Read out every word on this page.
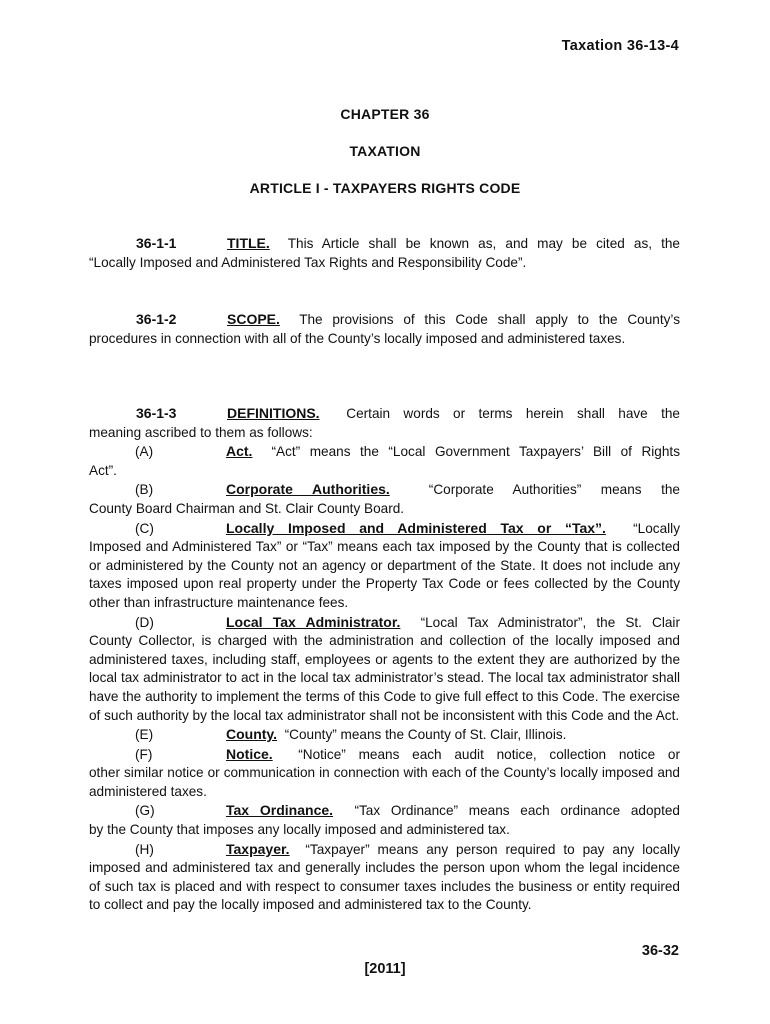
Taxation 36-13-4
CHAPTER 36
TAXATION
ARTICLE I - TAXPAYERS RIGHTS CODE

36-1-1	TITLE. This Article shall be known as, and may be cited as, the

“Locally Imposed and Administered Tax Rights and Responsibility Code”.

36-1-2	SCOPE. The provisions of this Code shall apply to the County’s

procedures in connection with all of the County’s locally imposed and administered taxes.

36-1-3	DEFINITIONS. Certain words or terms herein shall have the

meaning ascribed to them as follows:

(A)	Act. “Act” means the “Local Government Taxpayers’ Bill of Rights

Act”.

(B)	Corporate Authorities.	“Corporate Authorities” means the

County Board Chairman and St. Clair County Board.

(C)	Locally Imposed and Administered Tax or “Tax”. “Locally

Imposed and Administered Tax” or “Tax” means each tax imposed by the County that is collected or administered by the County not an agency or department of the State. It does not include any taxes imposed upon real property under the Property Tax Code or fees collected by the County other than infrastructure maintenance fees.

(D)	Local Tax Administrator. “Local Tax Administrator”, the St. Clair

County Collector, is charged with the administration and collection of the locally imposed and administered taxes, including staff, employees or agents to the extent they are authorized by the local tax administrator to act in the local tax administrator’s stead. The local tax administrator shall have the authority to implement the terms of this Code to give full effect to this Code. The exercise of such authority by the local tax administrator shall not be inconsistent with this Code and the Act.

(E)	County. “County” means the County of St. Clair, Illinois.

(F)	Notice. “Notice” means each audit notice, collection notice or

other similar notice or communication in connection with each of the County’s locally imposed and administered taxes.

(G)	Tax Ordinance. “Tax Ordinance” means each ordinance adopted

by the County that imposes any locally imposed and administered tax.

(H)	Taxpayer. “Taxpayer” means any person required to pay any locally

imposed and administered tax and generally includes the person upon whom the legal incidence of such tax is placed and with respect to consumer taxes includes the business or entity required to collect and pay the locally imposed and administered tax to the County.

36-32
[2011]
